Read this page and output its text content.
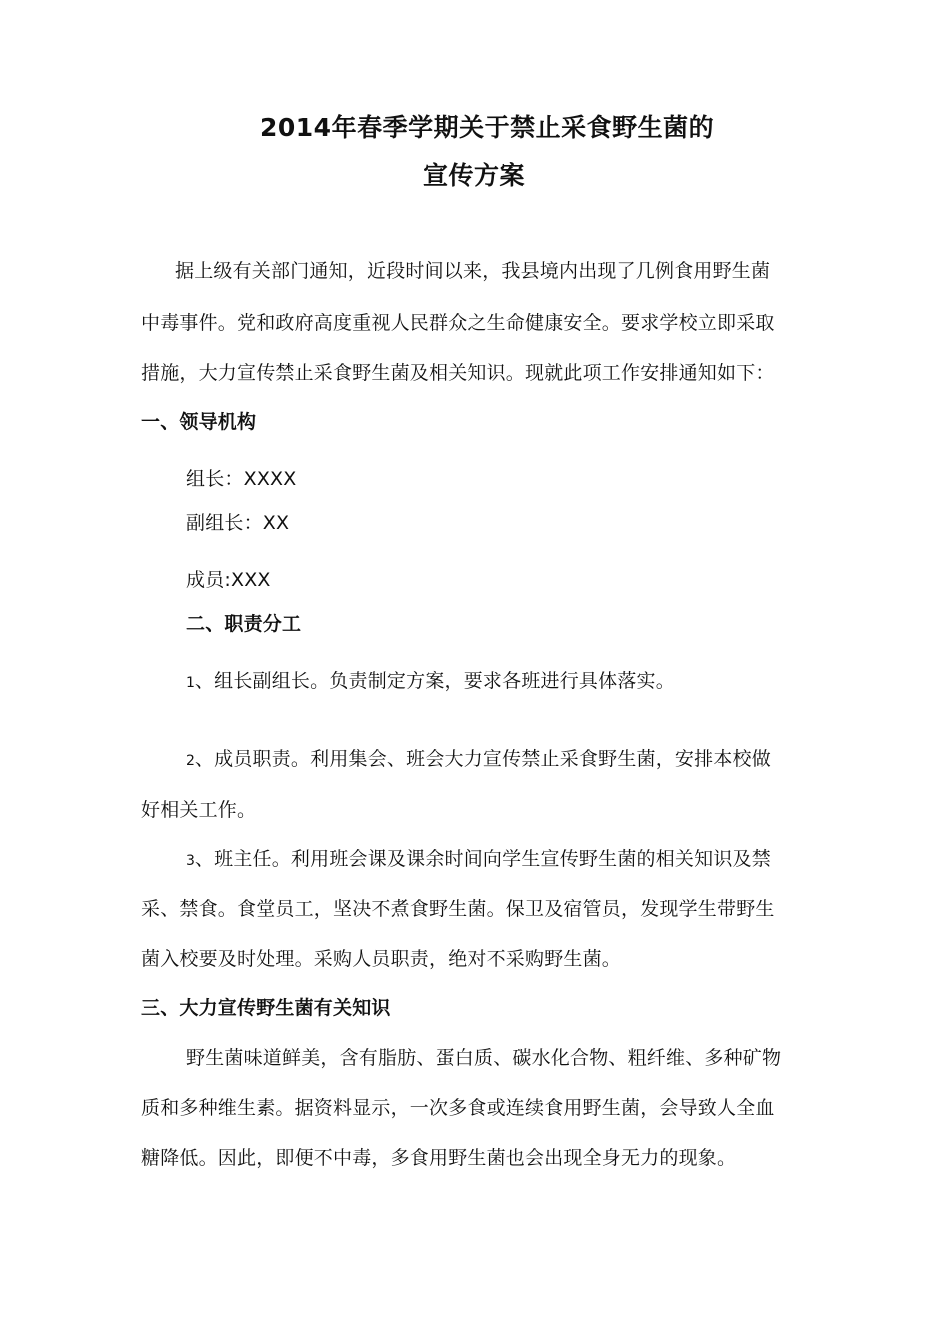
2014年春季学期关于禁止采食野生菌的
宣传方案
据上级有关部门通知，近段时间以来，我县境内出现了几例食用野生菌
中毒事件。党和政府高度重视人民群众之生命健康安全。要求学校立即采取
措施，大力宣传禁止采食野生菌及相关知识。现就此项工作安排通知如下：
一、领导机构
组长：XXXX
副组长：XX
成员:XXX
二、职责分工
1、组长副组长。负责制定方案，要求各班进行具体落实。
2、成员职责。利用集会、班会大力宣传禁止采食野生菌，安排本校做
好相关工作。
3、班主任。利用班会课及课余时间向学生宣传野生菌的相关知识及禁
采、禁食。食堂员工，坚决不煮食野生菌。保卫及宿管员，发现学生带野生
菌入校要及时处理。采购人员职责，绝对不采购野生菌。
三、大力宣传野生菌有关知识
野生菌味道鲜美，含有脂肪、蛋白质、碳水化合物、粗纤维、多种矿物
质和多种维生素。据资料显示，一次多食或连续食用野生菌，会导致人全血
糖降低。因此，即便不中毒，多食用野生菌也会出现全身无力的现象。
